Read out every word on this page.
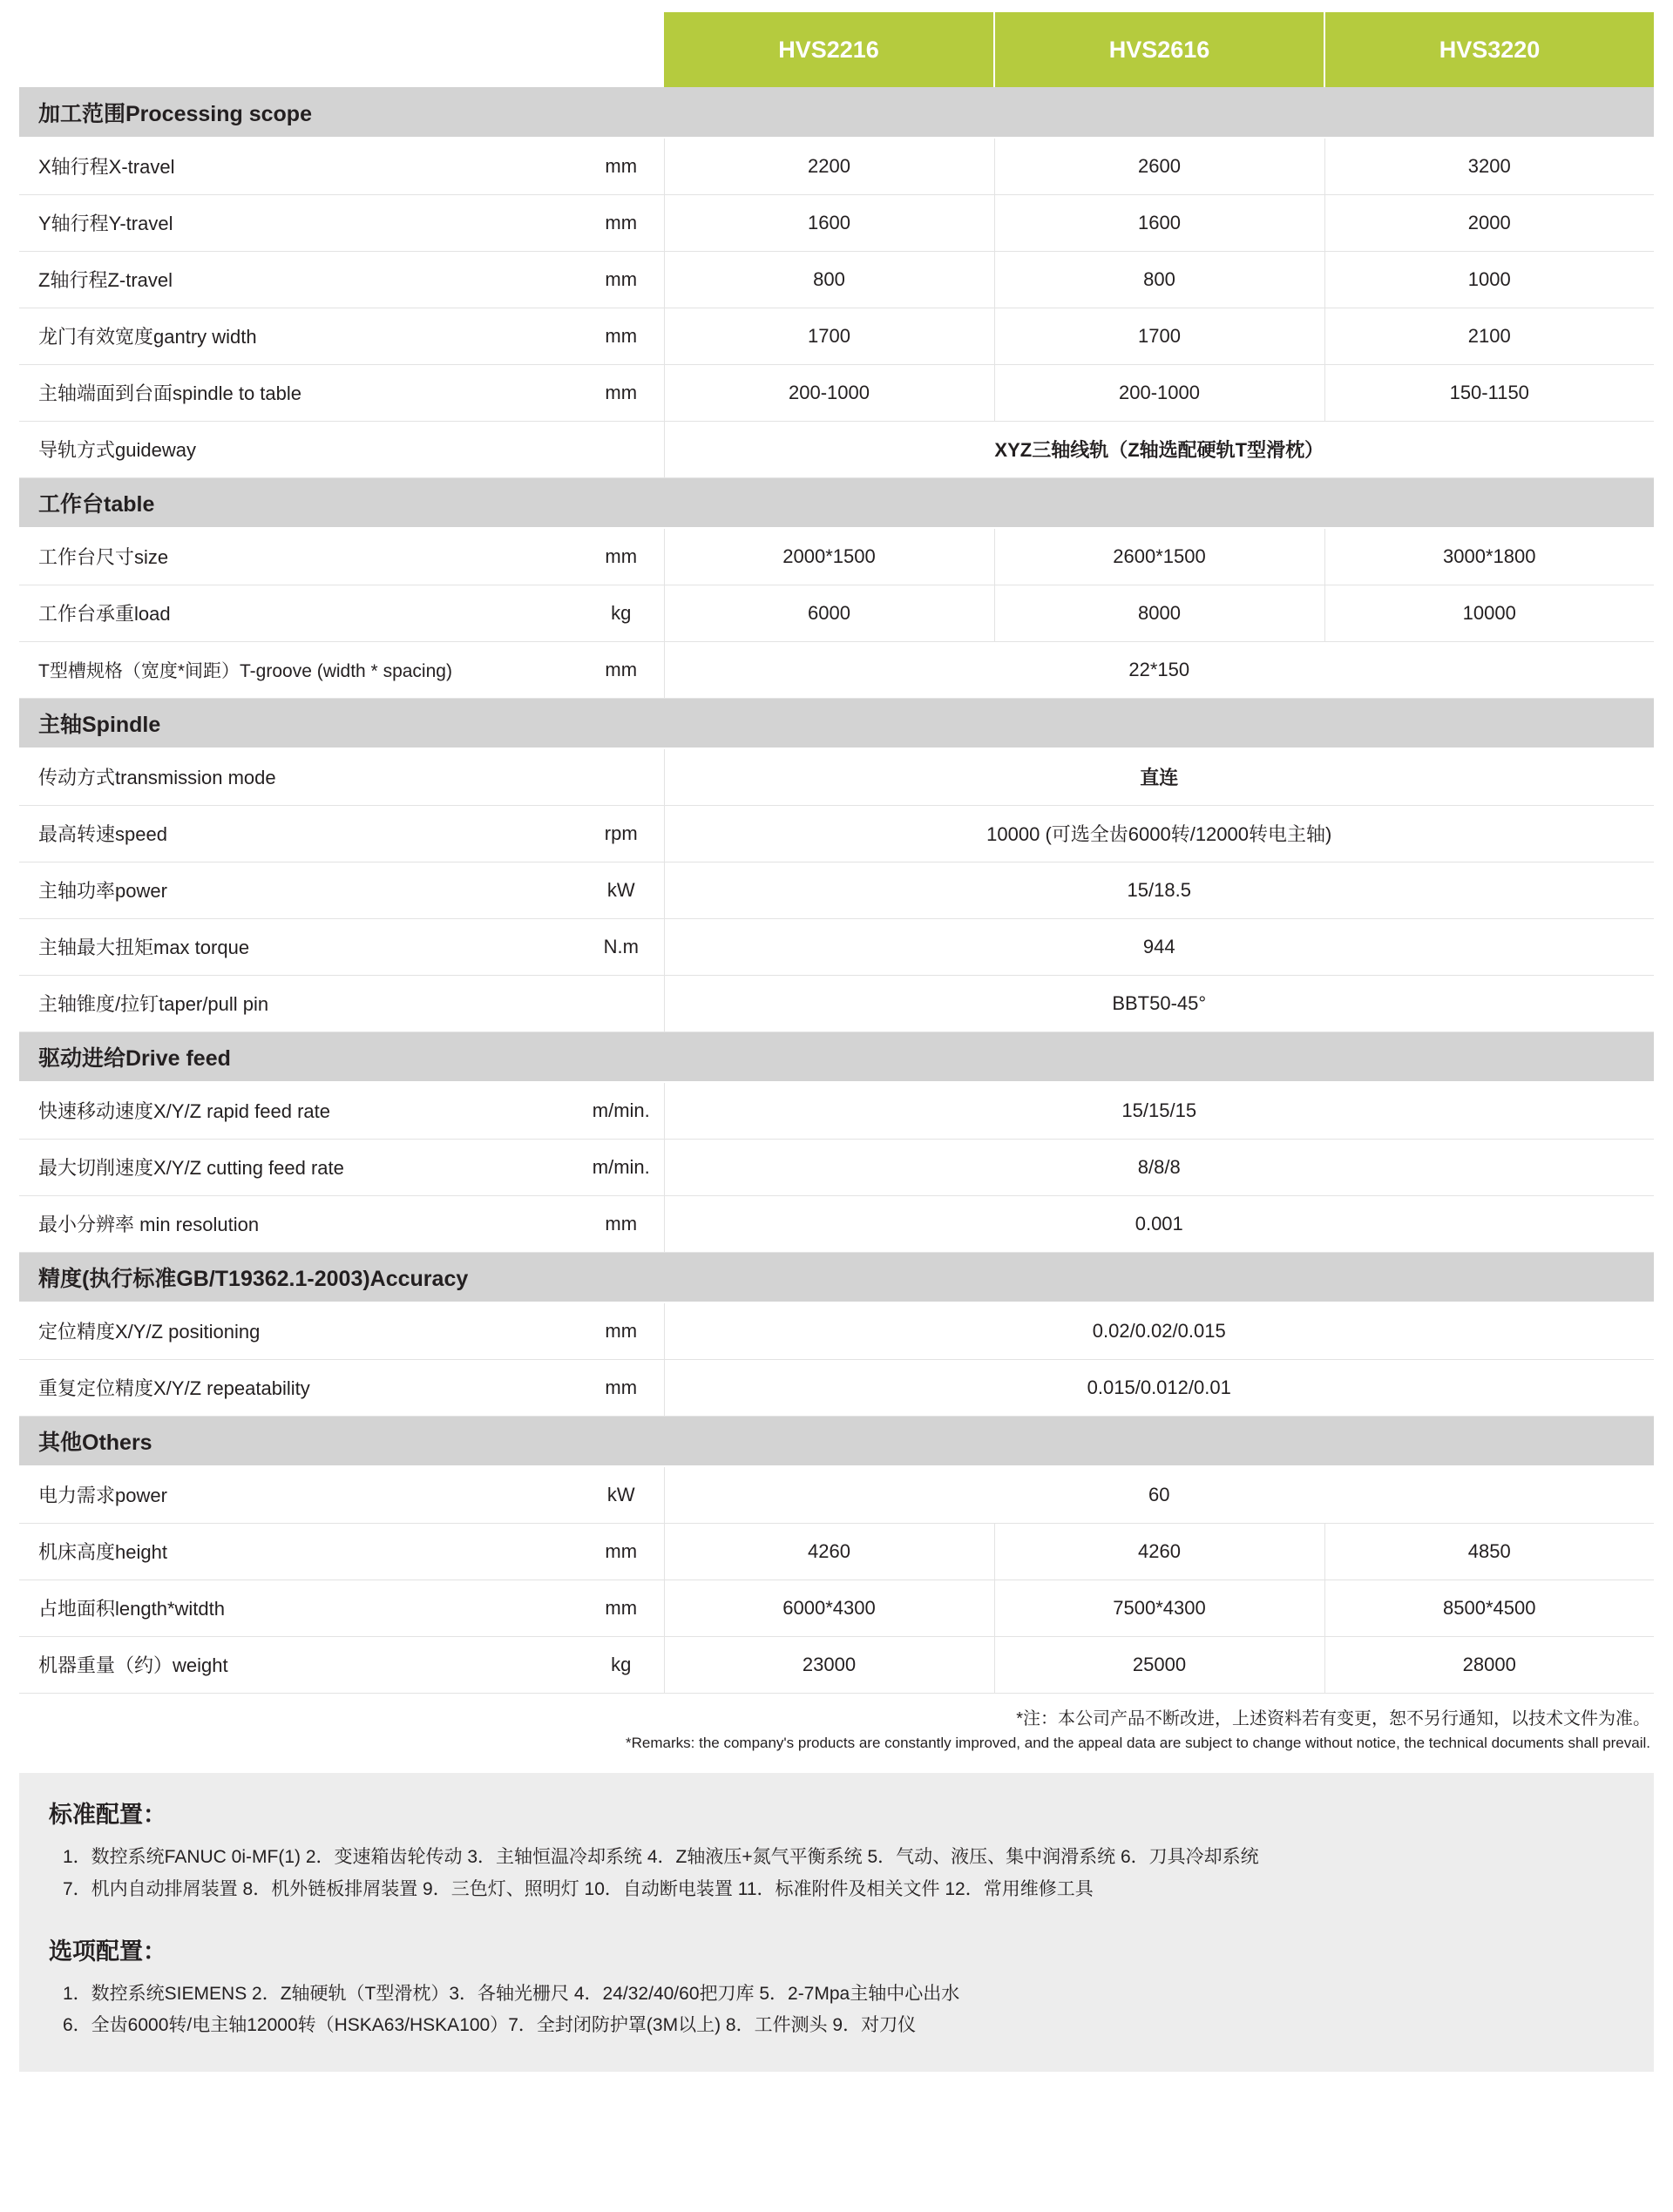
		HVS2216	HVS2616	HVS3220
加工范围Processing scope				
X轴行程X-travel	mm	2200	2600	3200
Y轴行程Y-travel	mm	1600	1600	2000
Z轴行程Z-travel	mm	800	800	1000
龙门有效宽度gantry width	mm	1700	1700	2100
主轴端面到台面spindle to table	mm	200-1000	200-1000	150-1150
导轨方式guideway		XYZ三轴线轨（Z轴选配硬轨T型滑枕）		
工作台table				
工作台尺寸size	mm	2000*1500	2600*1500	3000*1800
工作台承重load	kg	6000	8000	10000
T型槽规格（宽度*间距）T-groove (width * spacing)	mm	22*150		
主轴Spindle				
传动方式transmission mode		直连		
最高转速speed	rpm	10000 (可选全齿6000转/12000转电主轴)		
主轴功率power	kW	15/18.5		
主轴最大扭矩max torque	N.m	944		
主轴锥度/拉钉taper/pull pin		BBT50-45°		
驱动进给Drive feed				
快速移动速度X/Y/Z rapid feed rate	m/min.	15/15/15		
最大切削速度X/Y/Z cutting feed rate	m/min.	8/8/8		
最小分辨率 min resolution	mm	0.001		
精度(执行标准GB/T19362.1-2003)Accuracy				
定位精度X/Y/Z positioning	mm	0.02/0.02/0.015		
重复定位精度X/Y/Z repeatability	mm	0.015/0.012/0.01		
其他Others				
电力需求power	kW	60		
机床高度height	mm	4260	4260	4850
占地面积length*witdth	mm	6000*4300	7500*4300	8500*4500
机器重量（约）weight	kg	23000	25000	28000
*注：本公司产品不断改进，上述资料若有变更，恕不另行通知，以技术文件为准。
*Remarks: the company's products are constantly improved, and the appeal data are subject to change without notice, the technical documents shall prevail.
标准配置：
1．数控系统FANUC 0i-MF(1) 2．变速箱齿轮传动 3．主轴恒温冷却系统 4．Z轴液压+氮气平衡系统 5．气动、液压、集中润滑系统 6．刀具冷却系统
7．机内自动排屑装置 8．机外链板排屑装置 9．三色灯、照明灯 10．自动断电装置 11．标准附件及相关文件 12．常用维修工具
选项配置：
1．数控系统SIEMENS 2．Z轴硬轨（T型滑枕）3．各轴光栅尺 4．24/32/40/60把刀库 5．2-7Mpa主轴中心出水
6．全齿6000转/电主轴12000转（HSKA63/HSKA100）7．全封闭防护罩(3M以上) 8．工件测头 9．对刀仪
